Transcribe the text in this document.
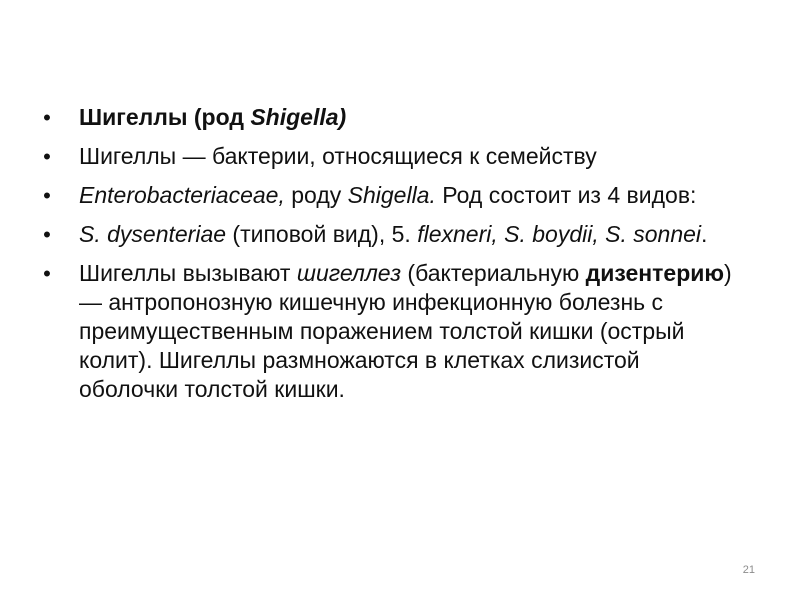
• Шигеллы (род Shigella)
• Шигеллы — бактерии, относящиеся к семейству
• Enterobacteriaceae, роду Shigella. Род состоит из 4 видов:
• S. dysenteriae (типовой вид), 5. flexneri, S. boydii, S. sonnei.
• Шигеллы вызывают шигеллез (бактериальную дизентерию) — антропонозную кишечную инфекционную болезнь с преимущественным поражением толстой кишки (острый колит). Шигеллы размножаются в клетках слизистой оболочки толстой кишки.
21
